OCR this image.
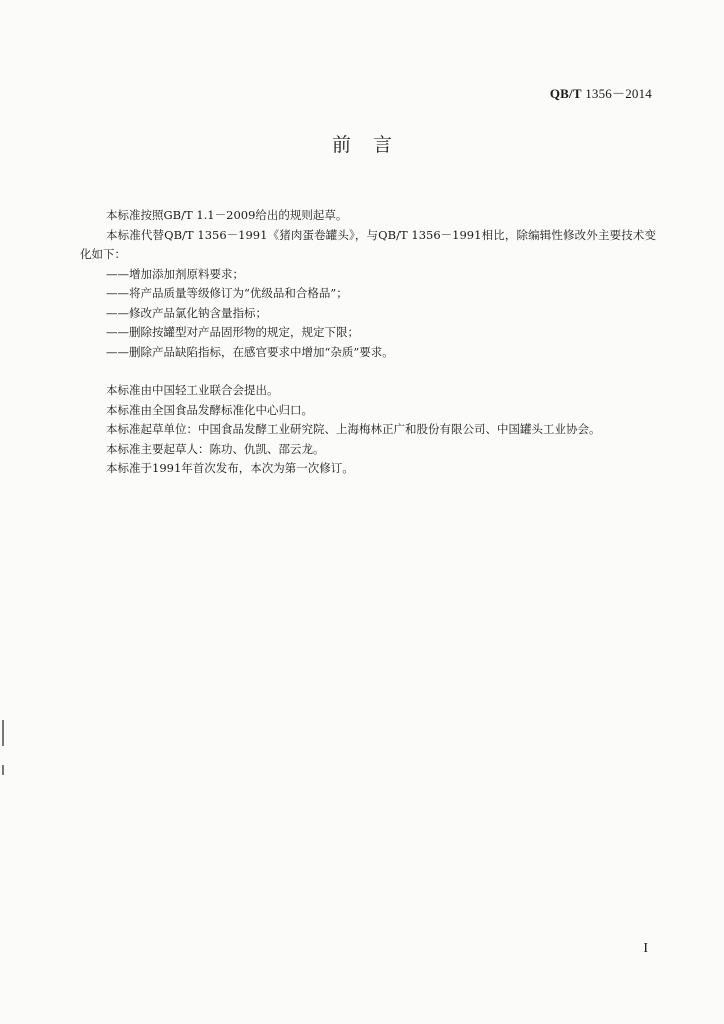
QB/T 1356－2014
前言

本标准按照GB/T 1.1－2009给出的规则起草。

本标准代替QB/T 1356－1991《猪肉蛋卷罐头》，与QB/T 1356－1991相比，除编辑性修改外主要技术变化如下：

——增加添加剂原料要求；

——将产品质量等级修订为“优级品和合格品”；

——修改产品氯化钠含量指标；

——删除按罐型对产品固形物的规定，规定下限；

——删除产品缺陷指标，在感官要求中增加“杂质”要求。

本标准由中国轻工业联合会提出。

本标准由全国食品发酵标准化中心归口。

本标准起草单位：中国食品发酵工业研究院、上海梅林正广和股份有限公司、中国罐头工业协会。

本标准主要起草人：陈功、仇凯、邵云龙。

本标准于1991年首次发布，本次为第一次修订。

I
